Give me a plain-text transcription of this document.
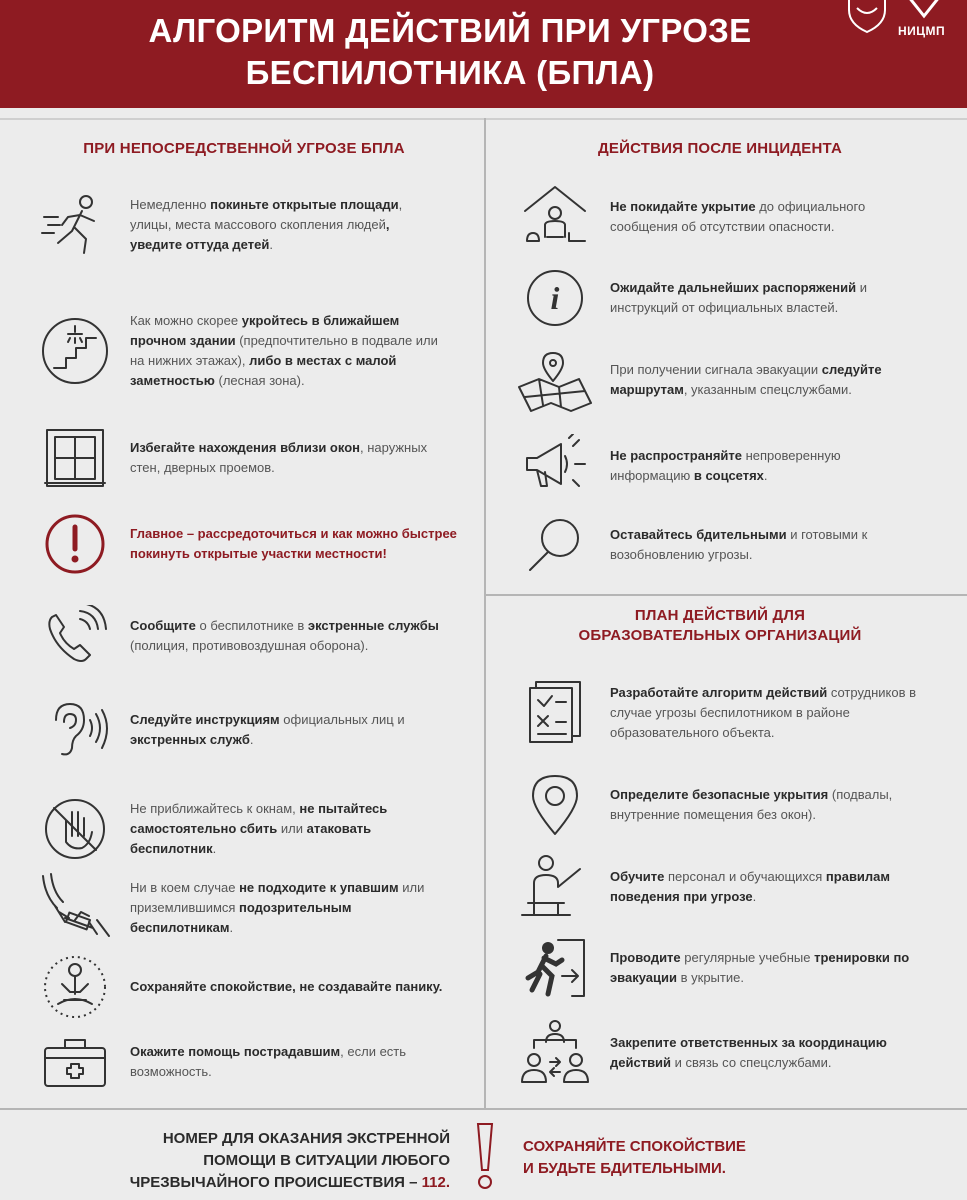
АЛГОРИТМ ДЕЙСТВИЙ ПРИ УГРОЗЕ
БЕСПИЛОТНИКА (БПЛА)
НИЦМП
ПРИ НЕПОСРЕДСТВЕННОЙ УГРОЗЕ БПЛА	ДЕЙСТВИЯ ПОСЛЕ ИНЦИДЕНТА
ПЛАН ДЕЙСТВИЙ ДЛЯ
ОБРАЗОВАТЕЛЬНЫХ ОРГАНИЗАЦИЙ
Немедленно покиньте открытые площади, улицы, места массового скопления людей, уведите оттуда детей.
Как можно скорее укройтесь в ближайшем прочном здании (предпочтительно в подвале или на нижних этажах), либо в местах с малой заметностью (лесная зона).
Избегайте нахождения вблизи окон, наружных стен, дверных проемов.
Главное – рассредоточиться и как можно быстрее покинуть открытые участки местности!
Сообщите о беспилотнике в экстренные службы (полиция, противовоздушная оборона).
Следуйте инструкциям официальных лиц и экстренных служб.
Не приближайтесь к окнам, не пытайтесь самостоятельно сбить или атаковать беспилотник.
Ни в коем случае не подходите к упавшим или приземлившимся подозрительным беспилотникам.
Сохраняйте спокойствие, не создавайте панику.
Окажите помощь пострадавшим, если есть возможность.
Не покидайте укрытие до официального сообщения об отсутствии опасности.
i	Ожидайте дальнейших распоряжений и инструкций от официальных властей.
При получении сигнала эвакуации следуйте маршрутам, указанным спецслужбами.
Не распространяйте непроверенную информацию в соцсетях.
Оставайтесь бдительными и готовыми к возобновлению угрозы.
Разработайте алгоритм действий сотрудников в случае угрозы беспилотником в районе образовательного объекта.
Определите безопасные укрытия (подвалы, внутренние помещения без окон).
Обучите персонал и обучающихся правилам поведения при угрозе.
Проводите регулярные учебные тренировки по эвакуации в укрытие.
Закрепите ответственных за координацию действий и связь со спецслужбами.
НОМЕР ДЛЯ ОКАЗАНИЯ ЭКСТРЕННОЙ
ПОМОЩИ В СИТУАЦИИ ЛЮБОГО
ЧРЕЗВЫЧАЙНОГО ПРОИСШЕСТВИЯ – 112.
СОХРАНЯЙТЕ СПОКОЙСТВИЕ
И БУДЬТЕ БДИТЕЛЬНЫМИ.
